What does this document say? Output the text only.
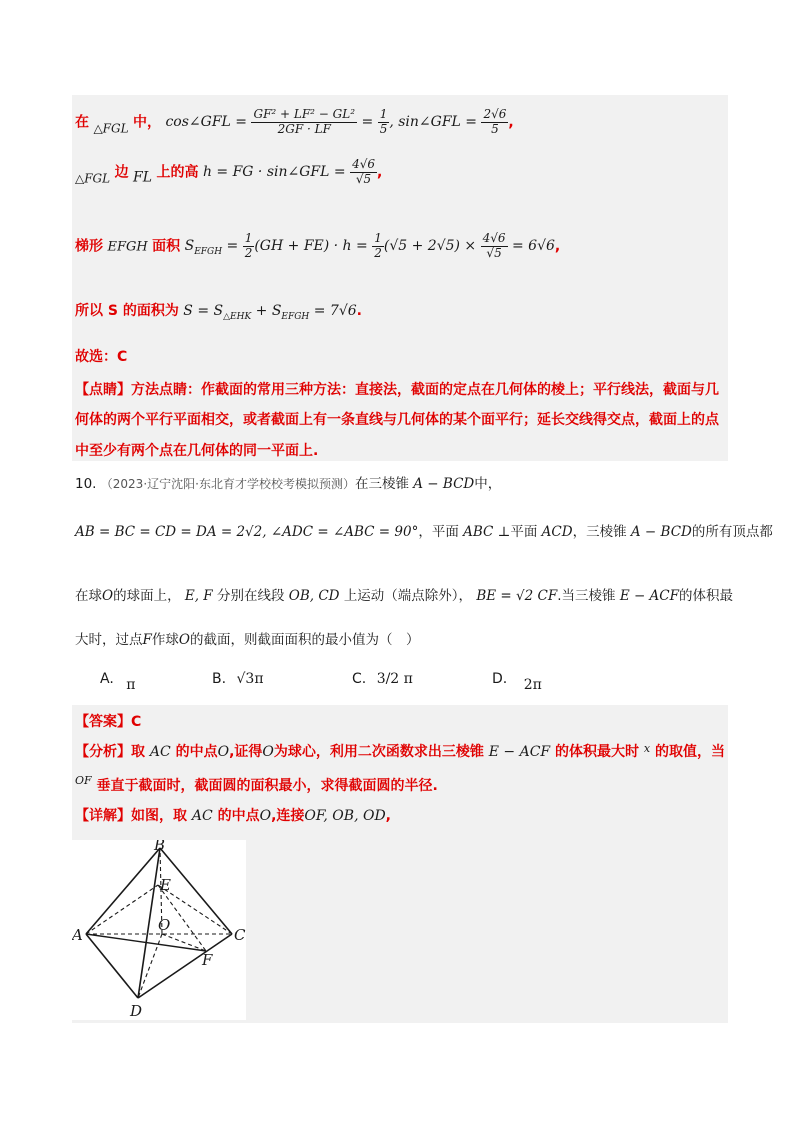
在 △FGL 中， cos∠GFL = $\frac{\text{GF² + LF² − GL²}}{2GF \cdot LF} = \frac{1}{5}$ , sin∠GFL = $\frac{2√6}{5}$ ,
△FGL 边 FL 上的高 h = FG · sin∠GFL = $\frac{4√6}{√5}$ ,
梯形 EFGH 面积 $S_{EFGH} = \frac{1}{2} (GH + FE) \cdot h = \frac{1}{2} (√5 + 2√5) \times \frac{4√6}{√5} = 6√6$,
所以 S 的面积为 $S = S_{\triangle EHK} + S_{EFGH} = 7√6$.
故选：C
【点睛】方法点睛：作截面的常用三种方法：直接法，截面的定点在几何体的棱上；平行线法，截面与几
何体的两个平行平面相交，或者截面上有一条直线与几何体的某个面平行；延长交线得交点，截面上的点
中至少有两个点在几何体的同一平面上.
10. （2023·辽宁沈阳·东北育才学校校考模拟预测）在三棱锥 A − BCD中，
AB = BC = CD = DA = 2√2, ∠ADC = ∠ABC = 90°，平面 ABC ⊥平面 ACD，三棱锥 A − BCD的所有顶点都
在球O的球面上， E, F 分别在线段 OB, CD 上运动（端点除外）， BE = √2 CF.当三棱锥 E − ACF的体积最
大时，过点F作球O的截面，则截面面积的最小值为（　）
A. π	B. √3π	C. 3/2 π	D. 2π
【答案】C
【分析】取 AC 的中点O,证得O为球心，利用二次函数求出三棱锥 E − ACF 的体积最大时 $^x$ 的取值，当
$^{OF}$ 垂直于截面时，截面圆的面积最小，求得截面圆的半径.
【详解】如图，取 AC 的中点O,连接OF, OB, OD,
B
E
O
A	C
F
D
